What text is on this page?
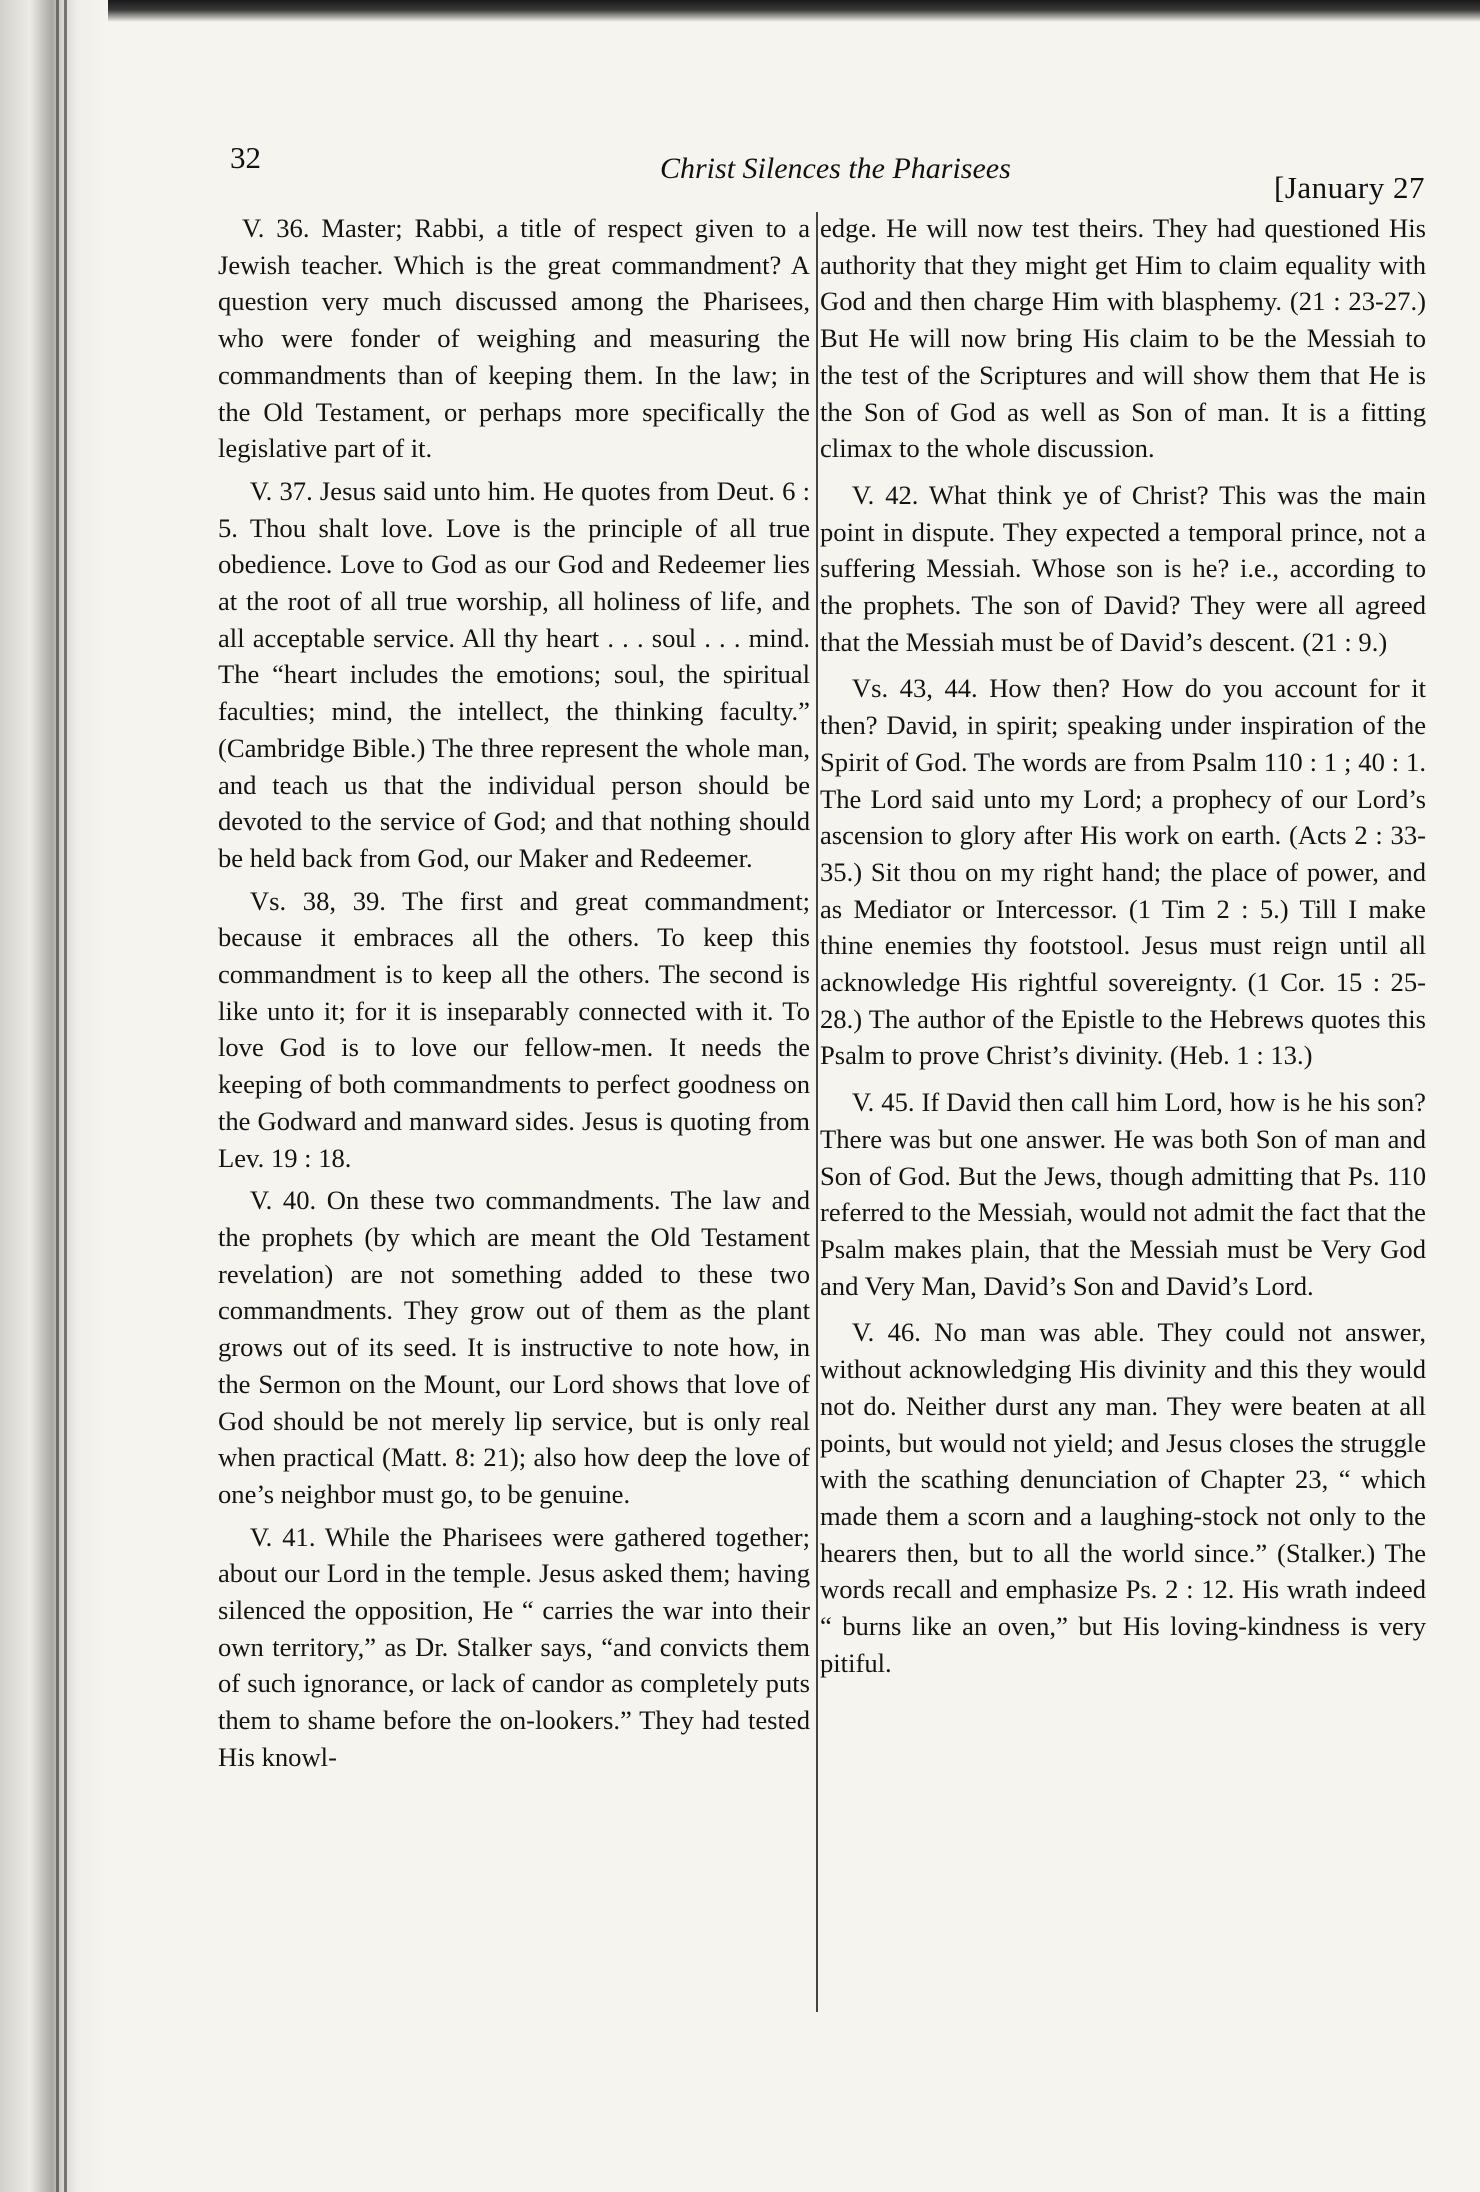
32	Christ Silences the Pharisees
[January 27

V. 36. Master; Rabbi, a title of respect given to a Jewish teacher. Which is the great commandment? A question very much discussed among the Pharisees, who were fonder of weighing and measuring the commandments than of keeping them. In the law; in the Old Testament, or perhaps more specifically the legislative part of it.

V. 37. Jesus said unto him. He quotes from Deut. 6 : 5. Thou shalt love. Love is the principle of all true obedience. Love to God as our God and Redeemer lies at the root of all true worship, all holiness of life, and all acceptable service. All thy heart . . . soul . . . mind. The “heart includes the emotions; soul, the spiritual faculties; mind, the intellect, the thinking faculty.” (Cambridge Bible.) The three represent the whole man, and teach us that the individual person should be devoted to the service of God; and that nothing should be held back from God, our Maker and Redeemer.

Vs. 38, 39. The first and great commandment; because it embraces all the others. To keep this commandment is to keep all the others. The second is like unto it; for it is inseparably connected with it. To love God is to love our fellow-men. It needs the keeping of both commandments to perfect goodness on the Godward and manward sides. Jesus is quoting from Lev. 19 : 18.

V. 40. On these two commandments. The law and the prophets (by which are meant the Old Testament revelation) are not something added to these two commandments. They grow out of them as the plant grows out of its seed. It is instructive to note how, in the Sermon on the Mount, our Lord shows that love of God should be not merely lip service, but is only real when practical (Matt. 8: 21); also how deep the love of one’s neighbor must go, to be genuine.

V. 41. While the Pharisees were gathered together; about our Lord in the temple. Jesus asked them; having silenced the opposition, He “ carries the war into their own territory,” as Dr. Stalker says, “and convicts them of such ignorance, or lack of candor as completely puts them to shame before the on-lookers.” They had tested His knowl-

edge. He will now test theirs. They had questioned His authority that they might get Him to claim equality with God and then charge Him with blasphemy. (21 : 23-27.) But He will now bring His claim to be the Messiah to the test of the Scriptures and will show them that He is the Son of God as well as Son of man. It is a fitting climax to the whole discussion.

V. 42. What think ye of Christ? This was the main point in dispute. They expected a temporal prince, not a suffering Messiah. Whose son is he? i.e., according to the prophets. The son of David? They were all agreed that the Messiah must be of David’s descent. (21 : 9.)

Vs. 43, 44. How then? How do you account for it then? David, in spirit; speaking under inspiration of the Spirit of God. The words are from Psalm 110 : 1 ; 40 : 1. The Lord said unto my Lord; a prophecy of our Lord’s ascension to glory after His work on earth. (Acts 2 : 33-35.) Sit thou on my right hand; the place of power, and as Mediator or Intercessor. (1 Tim 2 : 5.) Till I make thine enemies thy footstool. Jesus must reign until all acknowledge His rightful sovereignty. (1 Cor. 15 : 25-28.) The author of the Epistle to the Hebrews quotes this Psalm to prove Christ’s divinity. (Heb. 1 : 13.)

V. 45. If David then call him Lord, how is he his son? There was but one answer. He was both Son of man and Son of God. But the Jews, though admitting that Ps. 110 referred to the Messiah, would not admit the fact that the Psalm makes plain, that the Messiah must be Very God and Very Man, David’s Son and David’s Lord.

V. 46. No man was able. They could not answer, without acknowledging His divinity and this they would not do. Neither durst any man. They were beaten at all points, but would not yield; and Jesus closes the struggle with the scathing denunciation of Chapter 23, “ which made them a scorn and a laughing-stock not only to the hearers then, but to all the world since.” (Stalker.) The words recall and emphasize Ps. 2 : 12. His wrath indeed “ burns like an oven,” but His loving-kindness is very pitiful.
